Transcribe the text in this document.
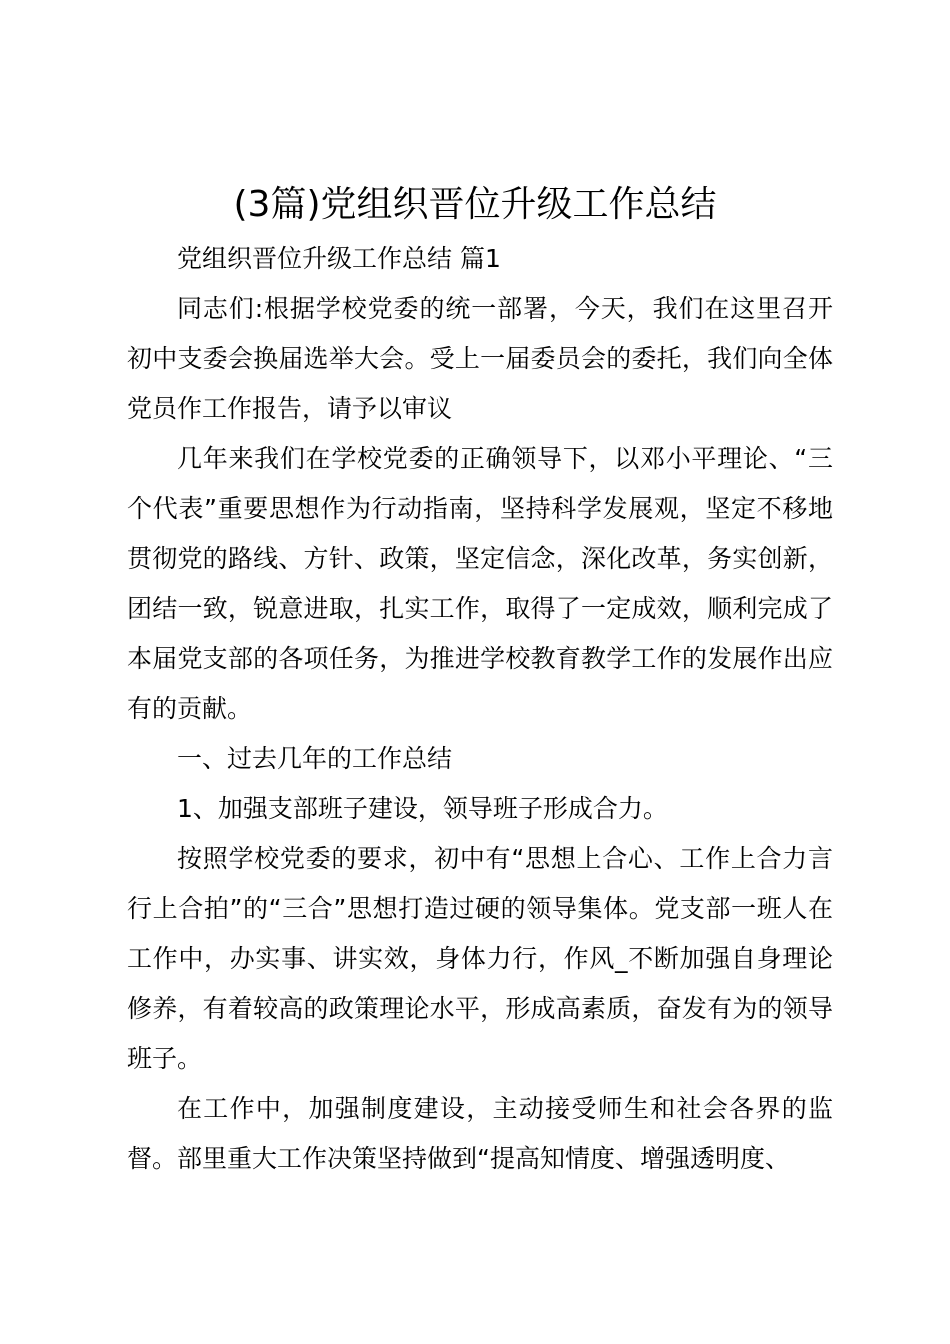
(3篇)党组织晋位升级工作总结

党组织晋位升级工作总结 篇1

同志们:根据学校党委的统一部署，今天，我们在这里召开初中支委会换届选举大会。受上一届委员会的委托，我们向全体党员作工作报告，请予以审议

几年来我们在学校党委的正确领导下，以邓小平理论、“三个代表”重要思想作为行动指南，坚持科学发展观，坚定不移地贯彻党的路线、方针、政策，坚定信念，深化改革，务实创新，团结一致，锐意进取，扎实工作，取得了一定成效，顺利完成了本届党支部的各项任务，为推进学校教育教学工作的发展作出应有的贡献。

一、过去几年的工作总结

1、加强支部班子建设，领导班子形成合力。

按照学校党委的要求，初中有“思想上合心、工作上合力言行上合拍”的“三合”思想打造过硬的领导集体。党支部一班人在工作中，办实事、讲实效，身体力行，作风_不断加强自身理论修养，有着较高的政策理论水平，形成高素质，奋发有为的领导班子。

在工作中，加强制度建设，主动接受师生和社会各界的监督。部里重大工作决策坚持做到“提高知情度、增强透明度、
